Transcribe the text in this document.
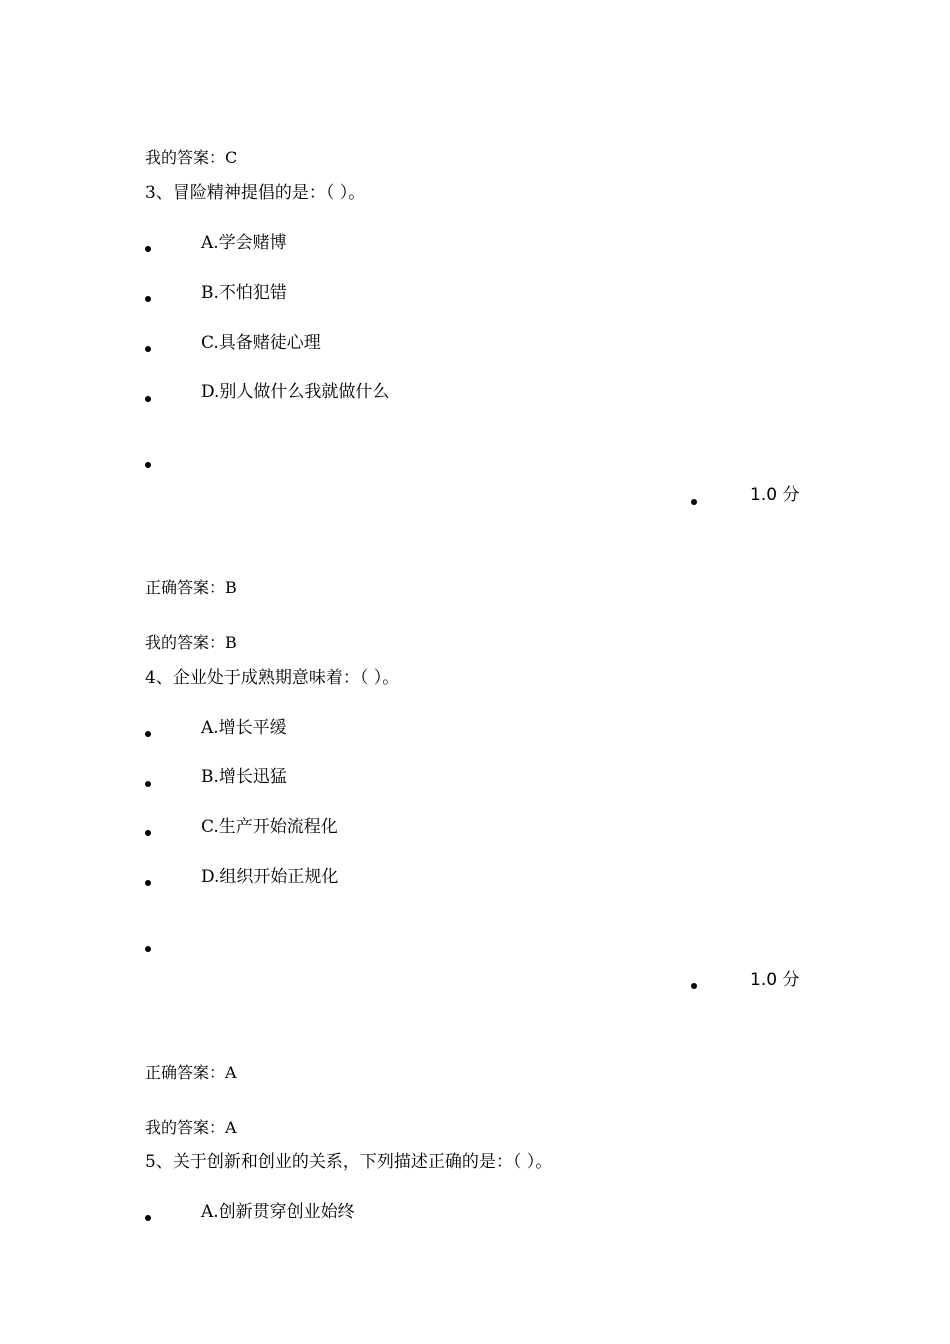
我的答案：C
3、冒险精神提倡的是：（ ）。
A.学会赌博
B.不怕犯错
C.具备赌徒心理
D.别人做什么我就做什么
1.0 分
正确答案：B
我的答案：B
4、企业处于成熟期意味着：（ ）。
A.增长平缓
B.增长迅猛
C.生产开始流程化
D.组织开始正规化
1.0 分
正确答案：A
我的答案：A
5、关于创新和创业的关系，下列描述正确的是：（ ）。
A.创新贯穿创业始终
